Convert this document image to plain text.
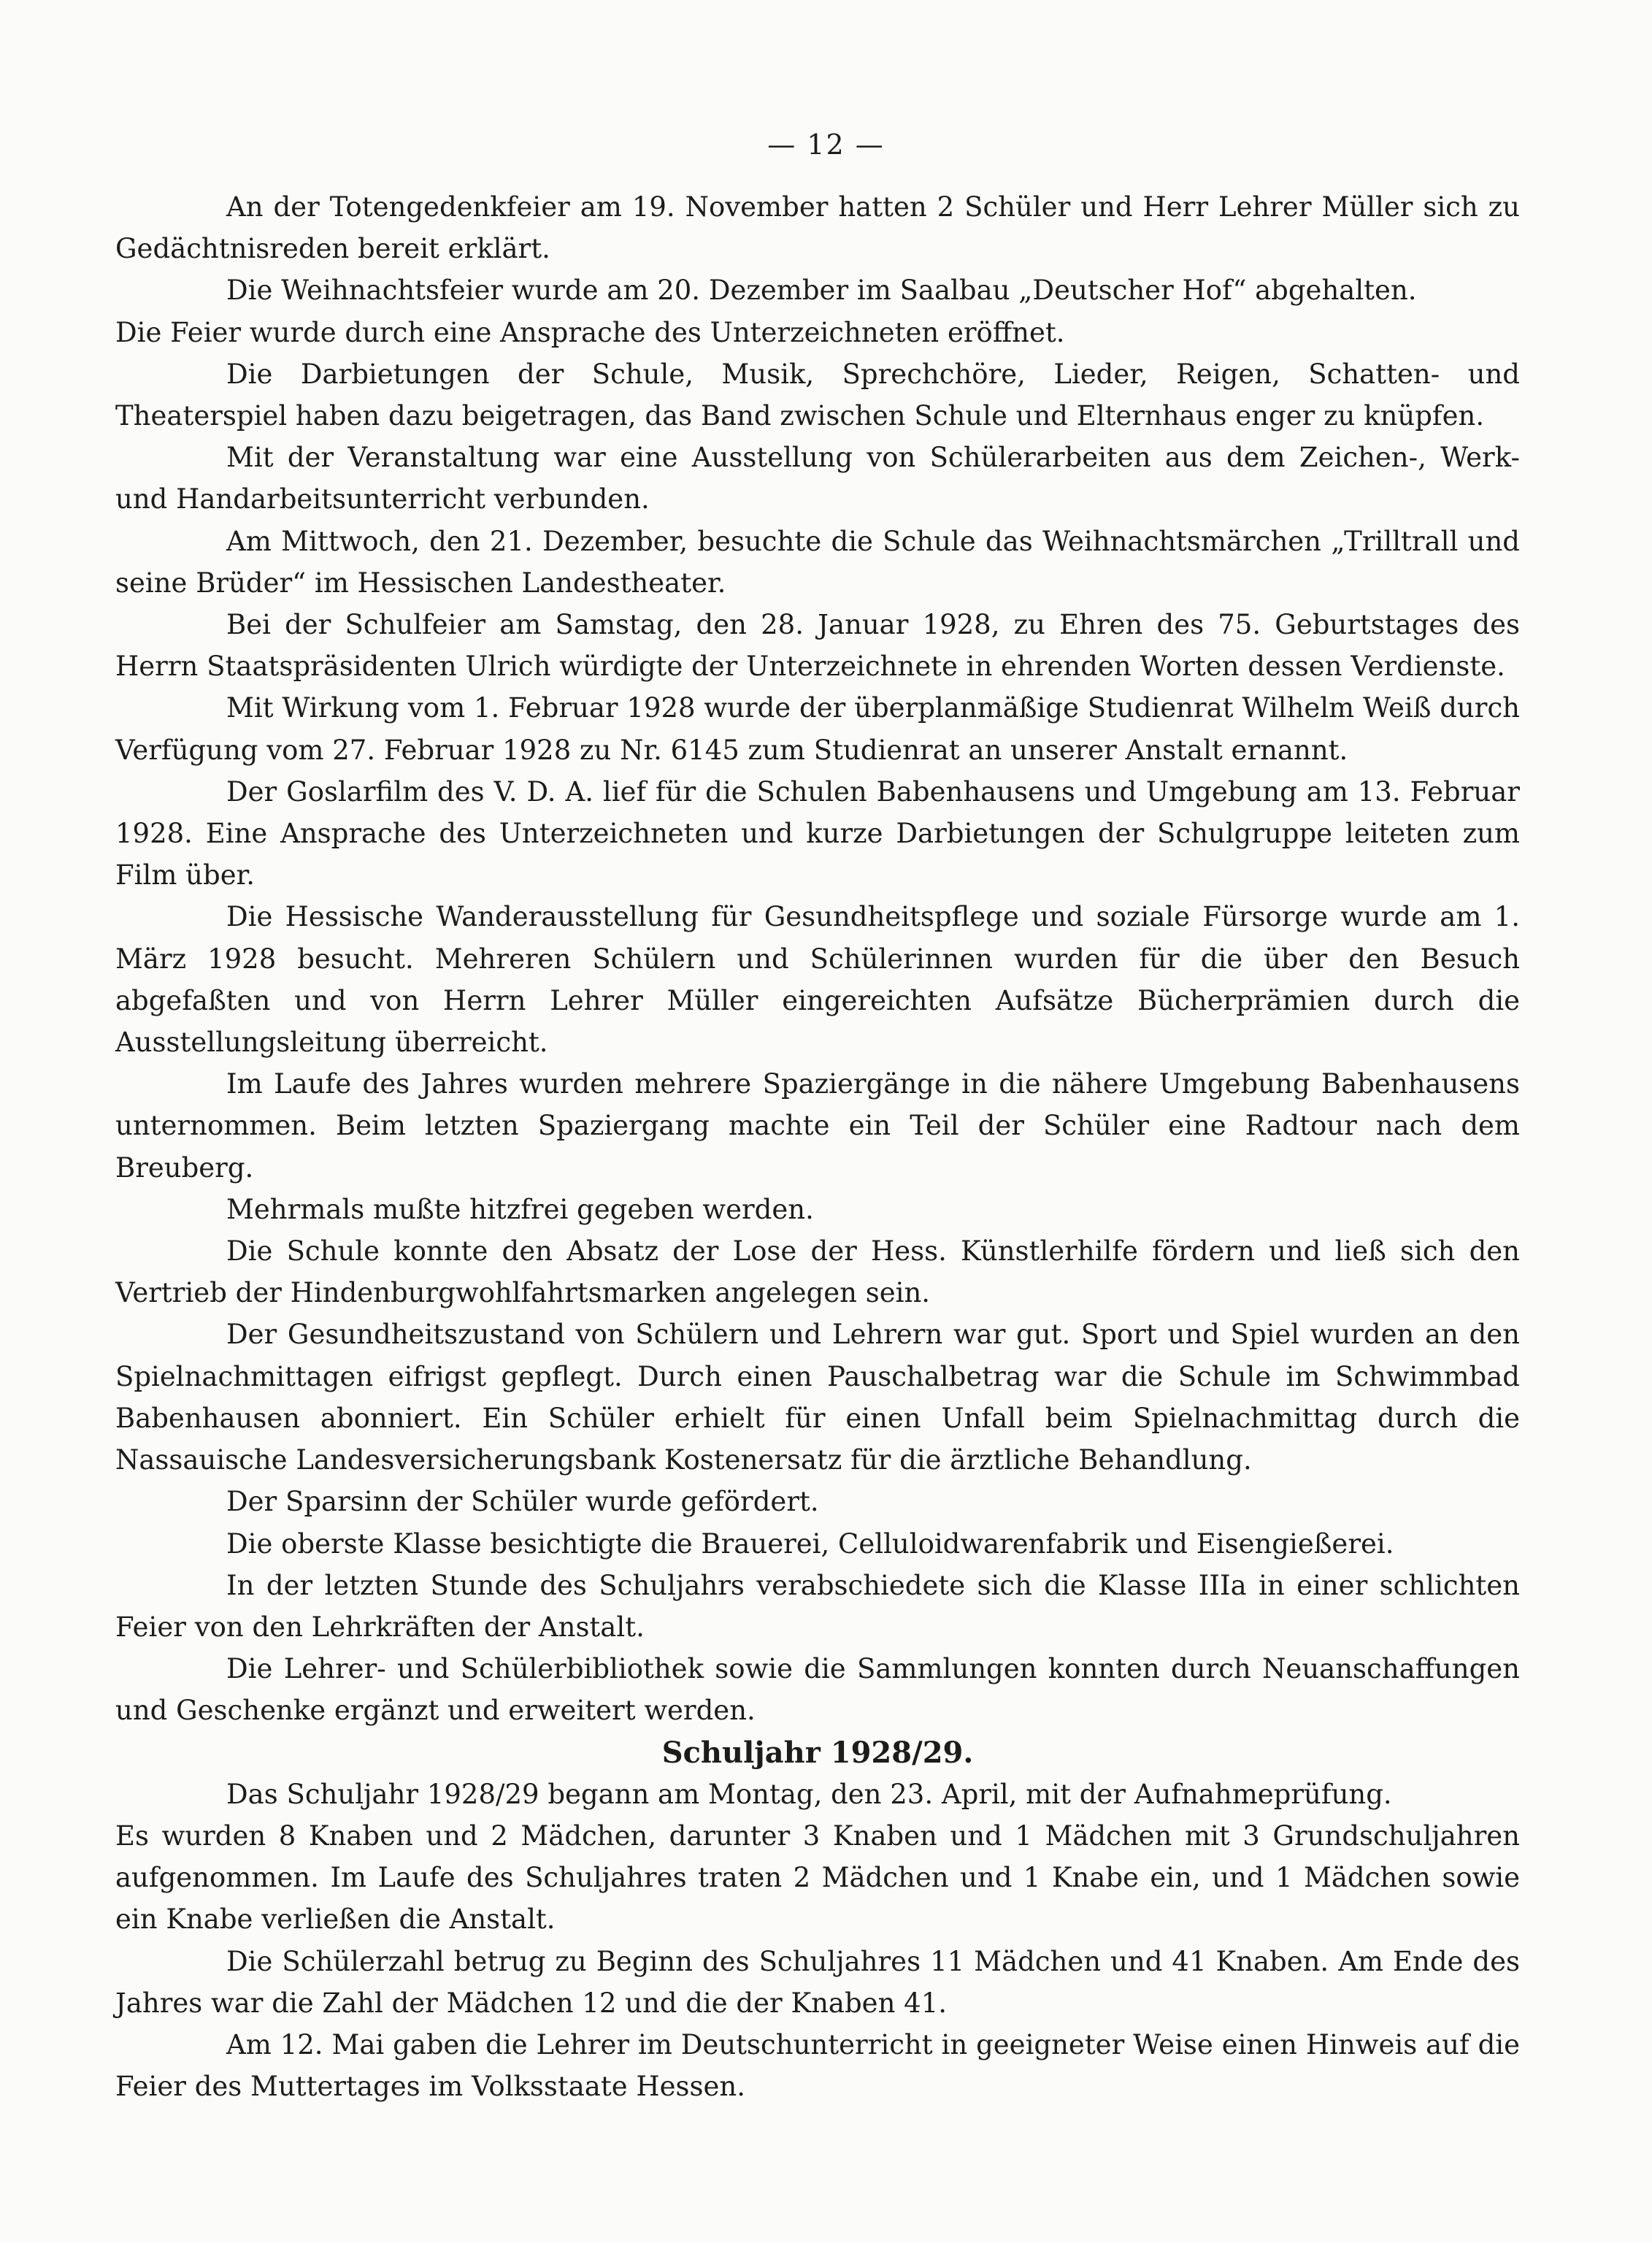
— 12 —

An der Totengedenkfeier am 19. November hatten 2 Schüler und Herr Lehrer Müller sich zu Gedächtnisreden bereit erklärt.

Die Weihnachtsfeier wurde am 20. Dezember im Saalbau „Deutscher Hof“ abgehalten.

Die Feier wurde durch eine Ansprache des Unterzeichneten eröffnet.

Die Darbietungen der Schule, Musik, Sprechchöre, Lieder, Reigen, Schatten- und Theaterspiel haben dazu beigetragen, das Band zwischen Schule und Elternhaus enger zu knüpfen.

Mit der Veranstaltung war eine Ausstellung von Schülerarbeiten aus dem Zeichen-, Werk- und Handarbeitsunterricht verbunden.

Am Mittwoch, den 21. Dezember, besuchte die Schule das Weihnachtsmärchen „Trilltrall und seine Brüder“ im Hessischen Landestheater.

Bei der Schulfeier am Samstag, den 28. Januar 1928, zu Ehren des 75. Geburtstages des Herrn Staatspräsidenten Ulrich würdigte der Unterzeichnete in ehrenden Worten dessen Verdienste.

Mit Wirkung vom 1. Februar 1928 wurde der überplanmäßige Studienrat Wilhelm Weiß durch Verfügung vom 27. Februar 1928 zu Nr. 6145 zum Studienrat an unserer Anstalt ernannt.

Der Goslarfilm des V. D. A. lief für die Schulen Babenhausens und Umgebung am 13. Februar 1928. Eine Ansprache des Unterzeichneten und kurze Darbietungen der Schulgruppe leiteten zum Film über.

Die Hessische Wanderausstellung für Gesundheitspflege und soziale Fürsorge wurde am 1. März 1928 besucht. Mehreren Schülern und Schülerinnen wurden für die über den Besuch abgefaßten und von Herrn Lehrer Müller eingereichten Aufsätze Bücherprämien durch die Ausstellungsleitung überreicht.

Im Laufe des Jahres wurden mehrere Spaziergänge in die nähere Umgebung Babenhausens unternommen. Beim letzten Spaziergang machte ein Teil der Schüler eine Radtour nach dem Breuberg.

Mehrmals mußte hitzfrei gegeben werden.

Die Schule konnte den Absatz der Lose der Hess. Künstlerhilfe fördern und ließ sich den Vertrieb der Hindenburgwohlfahrtsmarken angelegen sein.

Der Gesundheitszustand von Schülern und Lehrern war gut. Sport und Spiel wurden an den Spielnachmittagen eifrigst gepflegt. Durch einen Pauschalbetrag war die Schule im Schwimmbad Babenhausen abonniert. Ein Schüler erhielt für einen Unfall beim Spielnachmittag durch die Nassauische Landesversicherungsbank Kostenersatz für die ärztliche Behandlung.

Der Sparsinn der Schüler wurde gefördert.

Die oberste Klasse besichtigte die Brauerei, Celluloidwarenfabrik und Eisengießerei.

In der letzten Stunde des Schuljahrs verabschiedete sich die Klasse IIIa in einer schlichten Feier von den Lehrkräften der Anstalt.

Die Lehrer- und Schülerbibliothek sowie die Sammlungen konnten durch Neuanschaffungen und Geschenke ergänzt und erweitert werden.

Schuljahr 1928/29.

Das Schuljahr 1928/29 begann am Montag, den 23. April, mit der Aufnahmeprüfung.

Es wurden 8 Knaben und 2 Mädchen, darunter 3 Knaben und 1 Mädchen mit 3 Grundschuljahren aufgenommen. Im Laufe des Schuljahres traten 2 Mädchen und 1 Knabe ein, und 1 Mädchen sowie ein Knabe verließen die Anstalt.

Die Schülerzahl betrug zu Beginn des Schuljahres 11 Mädchen und 41 Knaben. Am Ende des Jahres war die Zahl der Mädchen 12 und die der Knaben 41.

Am 12. Mai gaben die Lehrer im Deutschunterricht in geeigneter Weise einen Hinweis auf die Feier des Muttertages im Volksstaate Hessen.
